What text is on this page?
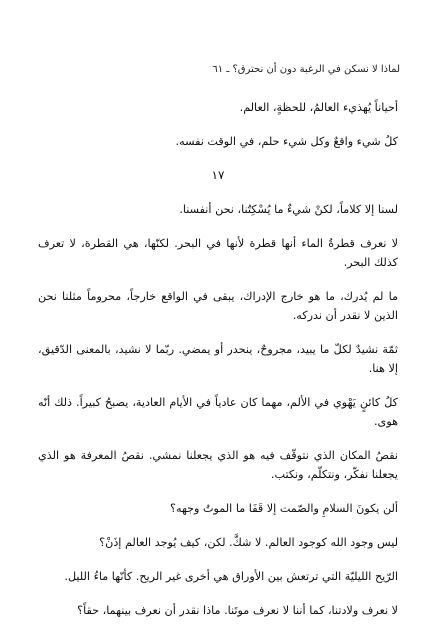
لماذا لا نسكن في الرغبة دون أن نحترق؟ ـ ٦١

أحياناً يُهذيء العالمُ، للحظةٍ، العالم.

كلُ شيء واقعٌ وكل شيء حلم، في الوقت نفسه.

١٧

لسنا إلا كلاماً، لكنْ شيءٌ ما يُسْكِتُنا، نحن أنفسنا.

لا نعرف قطرةُ الماء أنها قطرة لأنها في البحر. لكنّها، هي القطرة، لا تعرف كذلك البحر.

ما لم يُدرك، ما هو خارج الإدراك، يبقى في الواقع خارجاً، محروماً مثلنا نحن الذين لا نقدر أن ندركه.

ثمّة نشيدٌ لكلّ ما يبيد، مجروحٌ، ينحدر أو يمضي. ربّما لا نشيد، بالمعنى الدّقيق، إلا هنا.

كلُ كائنٍ يَهْوي في الألم، مهما كان عادياً في الأيام العادية، يصبحُ كبيراً. ذلك أنّه هوى.

نقصُ المكان الذي نتوقّف فيه هو الذي يجعلنا نمشي. نقصُ المعرفة هو الذي يجعلنا نفكّر، ونتكلّم، ونكتب.

ألن يكونَ السلامِ والصّمت إلا قَفَا ما الموتُ وجهه؟

ليس وجود الله كوجود العالم. لا شكَّ. لكن، كيف يُوجد العالم إذَنْ؟

الرّيح الليليّة التي ترتعش بين الأوراق هي أخرى غير الريح. كأنّها ماءُ الليل.

لا نعرف ولادتنا، كما أننا لا نعرف موتَنا. ماذا نقدر أن نعرف بينهما، حقاً؟
